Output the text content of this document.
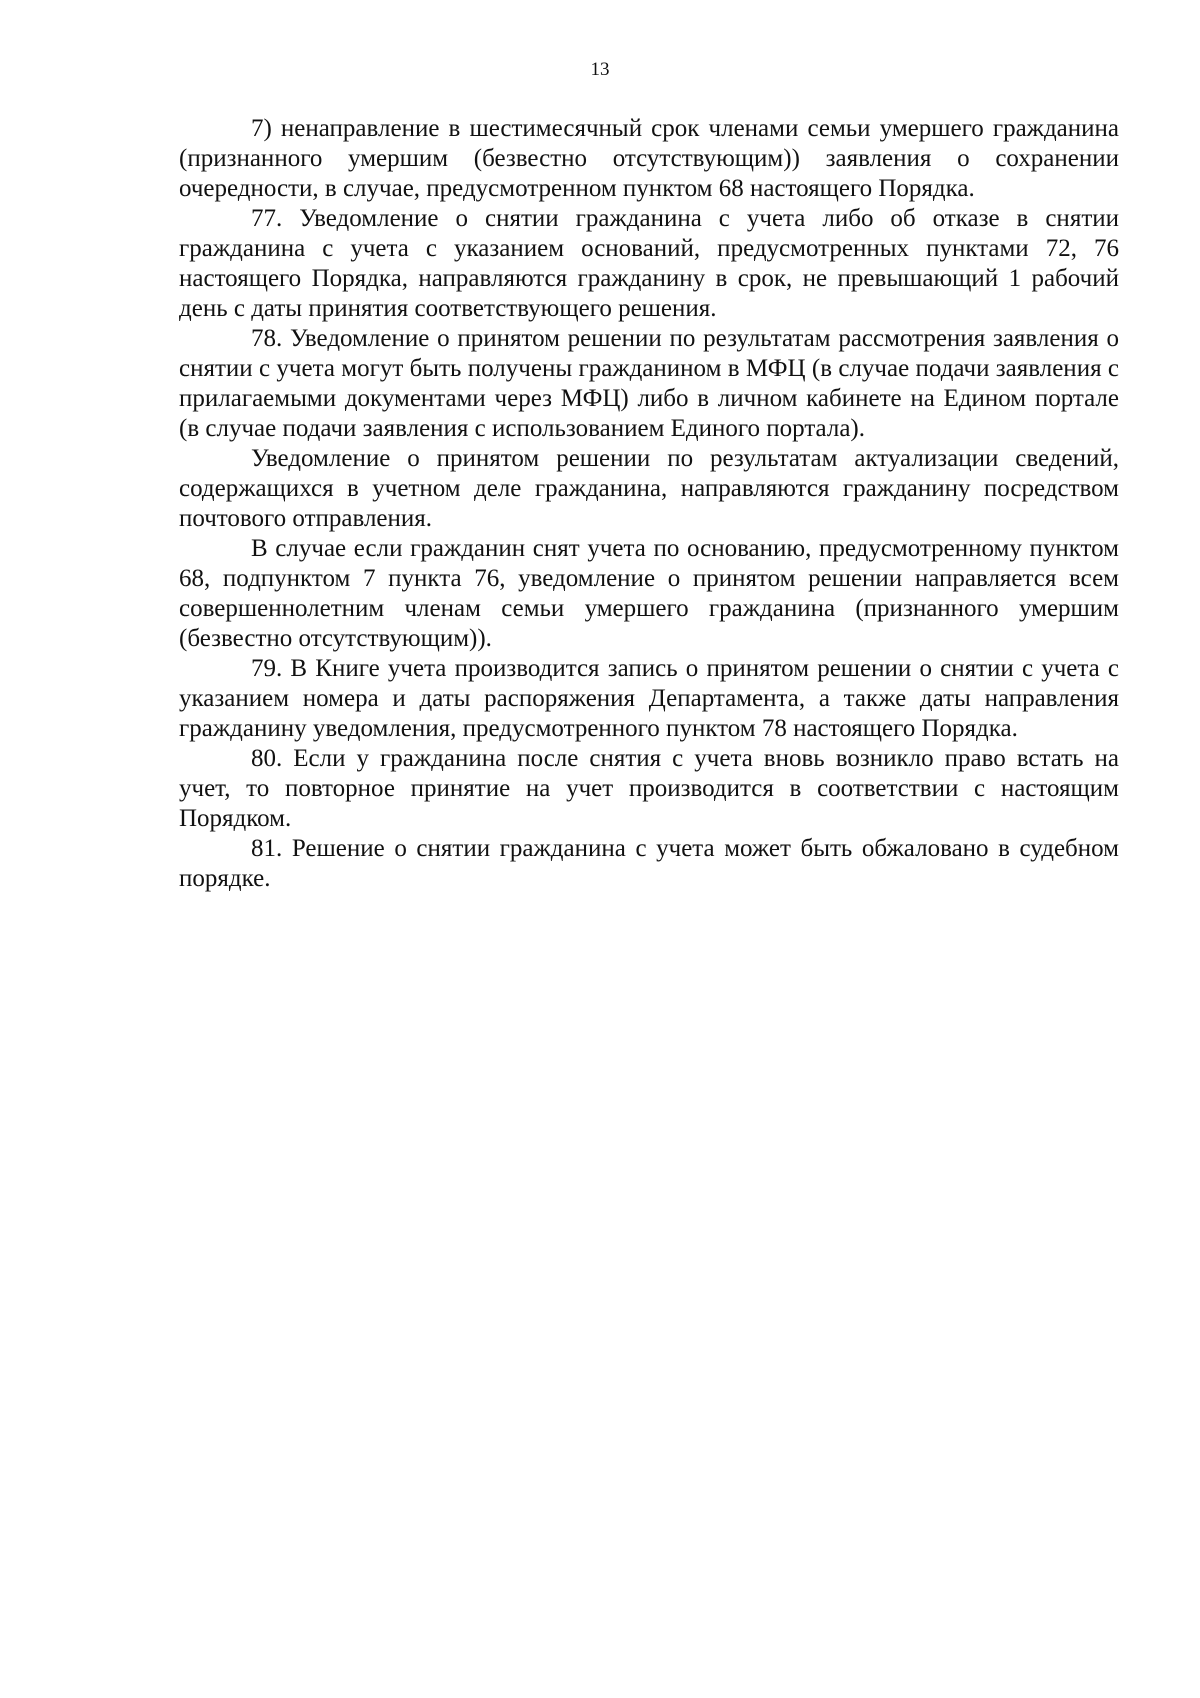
13

7) ненаправление в шестимесячный срок членами семьи умершего гражданина (признанного умершим (безвестно отсутствующим)) заявления о сохранении очередности, в случае, предусмотренном пунктом 68 настоящего Порядка.

77. Уведомление о снятии гражданина с учета либо об отказе в снятии гражданина с учета с указанием оснований, предусмотренных пунктами 72, 76 настоящего Порядка, направляются гражданину в срок, не превышающий 1 рабочий день с даты принятия соответствующего решения.

78. Уведомление о принятом решении по результатам рассмотрения заявления о снятии с учета могут быть получены гражданином в МФЦ (в случае подачи заявления с прилагаемыми документами через МФЦ) либо в личном кабинете на Едином портале (в случае подачи заявления с использованием Единого портала).

Уведомление о принятом решении по результатам актуализации сведений, содержащихся в учетном деле гражданина, направляются гражданину посредством почтового отправления.

В случае если гражданин снят учета по основанию, предусмотренному пунктом 68, подпунктом 7 пункта 76, уведомление о принятом решении направляется всем совершеннолетним членам семьи умершего гражданина (признанного умершим (безвестно отсутствующим)).

79. В Книге учета производится запись о принятом решении о снятии с учета с указанием номера и даты распоряжения Департамента, а также даты направления гражданину уведомления, предусмотренного пунктом 78 настоящего Порядка.

80. Если у гражданина после снятия с учета вновь возникло право встать на учет, то повторное принятие на учет производится в соответствии с настоящим Порядком.

81. Решение о снятии гражданина с учета может быть обжаловано в судебном порядке.
